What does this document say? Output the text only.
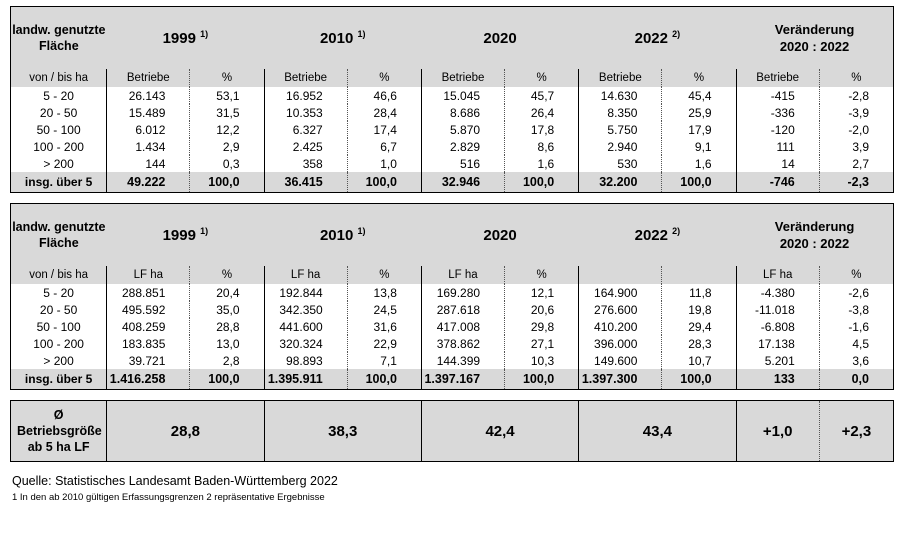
landw. genutzte Fläche	1999 $^{1)}$		2010 $^{1)}$		2020		2022 $^{2)}$		Veränderung
2020 : 2022	

von / bis ha	Betriebe	%	Betriebe	%	Betriebe	%	Betriebe	%	Betriebe	%
5 - 20	26.143	53,1	16.952	46,6	15.045	45,7	14.630	45,4	-415	-2,8
20 - 50	15.489	31,5	10.353	28,4	8.686	26,4	8.350	25,9	-336	-3,9
50 - 100	6.012	12,2	6.327	17,4	5.870	17,8	5.750	17,9	-120	-2,0
100 - 200	1.434	2,9	2.425	6,7	2.829	8,6	2.940	9,1	111	3,9
> 200	144	0,3	358	1,0	516	1,6	530	1,6	14	2,7
insg. über 5	49.222	100,0	36.415	100,0	32.946	100,0	32.200	100,0	-746	-2,3
landw. genutzte Fläche	1999 $^{1)}$		2010 $^{1)}$		2020		2022 $^{2)}$		Veränderung
2020 : 2022	

von / bis ha	LF ha	%	LF ha	%	LF ha	%			LF ha	%
5 - 20	288.851	20,4	192.844	13,8	169.280	12,1	164.900	11,8	-4.380	-2,6
20 - 50	495.592	35,0	342.350	24,5	287.618	20,6	276.600	19,8	-11.018	-3,8
50 - 100	408.259	28,8	441.600	31,6	417.008	29,8	410.200	29,4	-6.808	-1,6
100 - 200	183.835	13,0	320.324	22,9	378.862	27,1	396.000	28,3	17.138	4,5
> 200	39.721	2,8	98.893	7,1	144.399	10,3	149.600	10,7	5.201	3,6
insg. über 5	1.416.258	100,0	1.395.911	100,0	1.397.167	100,0	1.397.300	100,0	133	0,0
Ø Betriebsgröße ab 5 ha LF	28,8	38,3	42,4	43,4	+1,0	+2,3
Quelle: Statistisches Landesamt Baden-Württemberg 2022
1 In den ab 2010 gültigen Erfassungsgrenzen 2 repräsentative Ergebnisse
